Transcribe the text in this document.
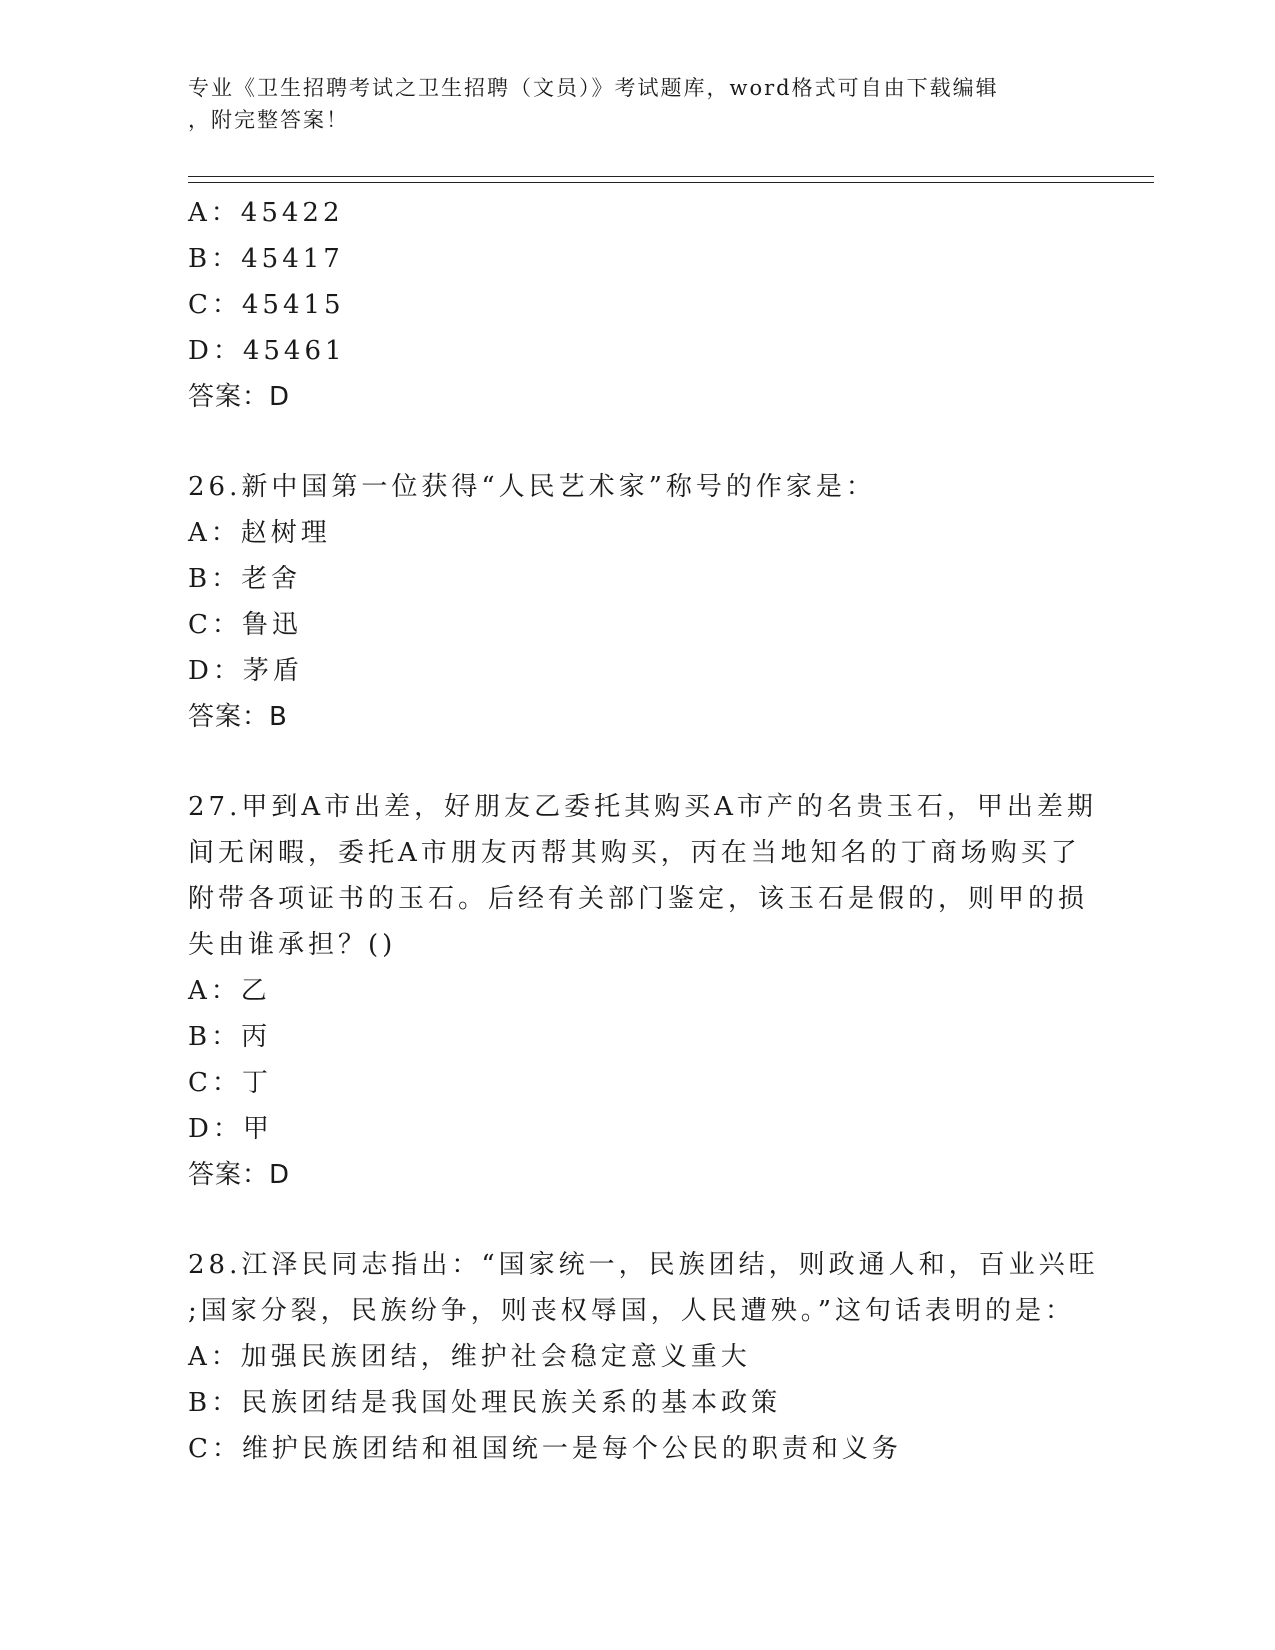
专业《卫生招聘考试之卫生招聘（文员）》考试题库，word格式可自由下载编辑
，附完整答案！
A：45422
B：45417
C：45415
D：45461
答案：D
26.新中国第一位获得“人民艺术家”称号的作家是：
A：赵树理
B：老舍
C：鲁迅
D：茅盾
答案：B
27.甲到A市出差，好朋友乙委托其购买A市产的名贵玉石，甲出差期
间无闲暇，委托A市朋友丙帮其购买，丙在当地知名的丁商场购买了
附带各项证书的玉石。后经有关部门鉴定，该玉石是假的，则甲的损
失由谁承担？()
A：乙
B：丙
C：丁
D：甲
答案：D
28.江泽民同志指出：“国家统一，民族团结，则政通人和，百业兴旺
;国家分裂，民族纷争，则丧权辱国，人民遭殃。”这句话表明的是：
A：加强民族团结，维护社会稳定意义重大
B：民族团结是我国处理民族关系的基本政策
C：维护民族团结和祖国统一是每个公民的职责和义务
